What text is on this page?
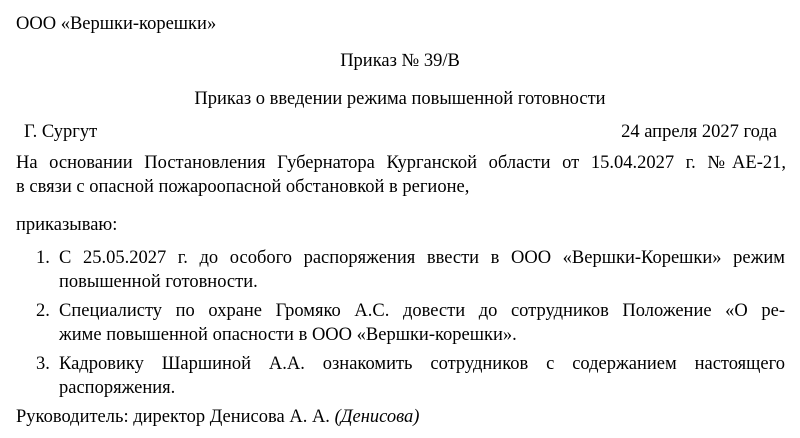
ООО «Вершки-корешки»
Приказ № 39/В
Приказ о введении режима повышенной готовности
Г. Сургут	24 апреля 2027 года
На основании Постановления Губернатора Курганской области от 15.04.2027 г. №АЕ-21,
в связи с опасной пожароопасной обстановкой в регионе,
приказываю:
1. С 25.05.2027 г. до особого распоряжения ввести в ООО «Вершки-Корешки» режим
повышенной готовности.
2. Специалисту по охране Громяко А.С. довести до сотрудников Положение «О ре-
жиме повышенной опасности в ООО «Вершки-корешки».
3. Кадровику Шаршиной А.А. ознакомить сотрудников с содержанием настоящего
распоряжения.
Руководитель: директор Денисова А. А. (Денисова)
